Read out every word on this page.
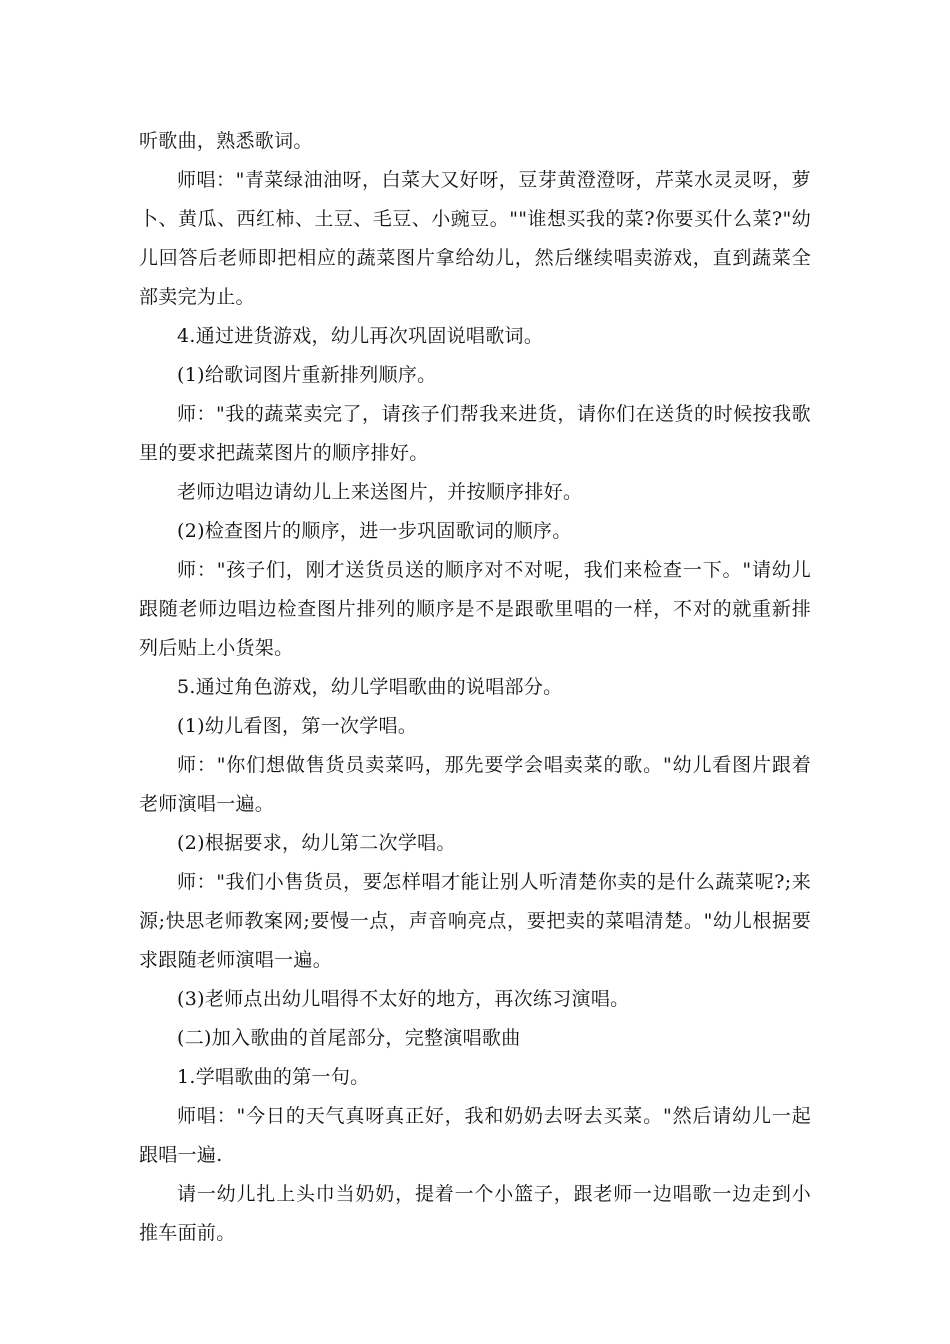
听歌曲，熟悉歌词。

师唱："青菜绿油油呀，白菜大又好呀，豆芽黄澄澄呀，芹菜水灵灵呀，萝卜、黄瓜、西红柿、土豆、毛豆、小豌豆。""谁想买我的菜?你要买什么菜?"幼儿回答后老师即把相应的蔬菜图片拿给幼儿，然后继续唱卖游戏，直到蔬菜全部卖完为止。

4.通过进货游戏，幼儿再次巩固说唱歌词。

(1)给歌词图片重新排列顺序。

师："我的蔬菜卖完了，请孩子们帮我来进货，请你们在送货的时候按我歌里的要求把蔬菜图片的顺序排好。

老师边唱边请幼儿上来送图片，并按顺序排好。

(2)检查图片的顺序，进一步巩固歌词的顺序。

师："孩子们，刚才送货员送的顺序对不对呢，我们来检查一下。"请幼儿跟随老师边唱边检查图片排列的顺序是不是跟歌里唱的一样，不对的就重新排列后贴上小货架。

5.通过角色游戏，幼儿学唱歌曲的说唱部分。

(1)幼儿看图，第一次学唱。

师："你们想做售货员卖菜吗，那先要学会唱卖菜的歌。"幼儿看图片跟着老师演唱一遍。

(2)根据要求，幼儿第二次学唱。

师："我们小售货员，要怎样唱才能让别人听清楚你卖的是什么蔬菜呢?;来源;快思老师教案网;要慢一点，声音响亮点，要把卖的菜唱清楚。"幼儿根据要求跟随老师演唱一遍。

(3)老师点出幼儿唱得不太好的地方，再次练习演唱。

(二)加入歌曲的首尾部分，完整演唱歌曲

1.学唱歌曲的第一句。

师唱："今日的天气真呀真正好，我和奶奶去呀去买菜。"然后请幼儿一起跟唱一遍.

请一幼儿扎上头巾当奶奶，提着一个小篮子，跟老师一边唱歌一边走到小推车面前。
